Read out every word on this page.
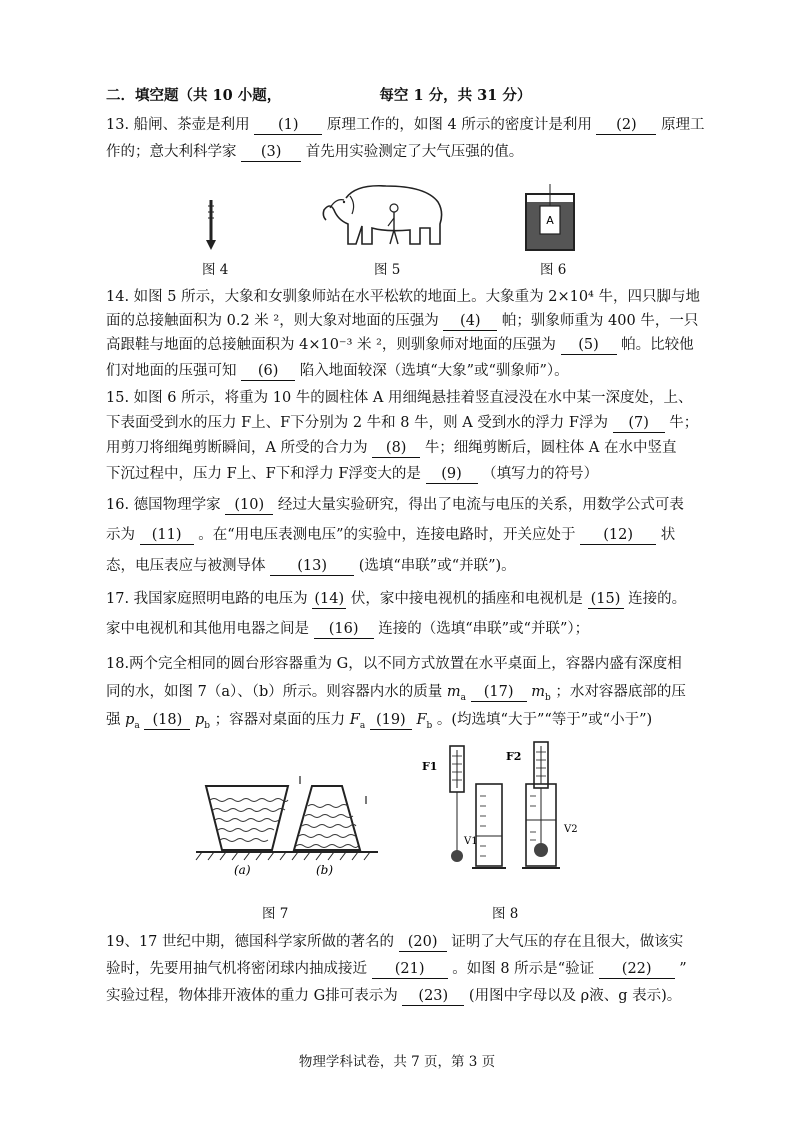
二．填空题（共 10 小题，	每空 1 分，共 31 分）
13. 船闸、茶壶是利用 (1) 原理工作的，如图 4 所示的密度计是利用 (2) 原理工
作的；意大利科学家 (3) 首先用实验测定了大气压强的值。
图 4	图 5
A
图 6
14. 如图 5 所示，大象和女驯象师站在水平松软的地面上。大象重为 2×10⁴ 牛，四只脚与地
面的总接触面积为 0.2 米 ²，则大象对地面的压强为 (4) 帕；驯象师重为 400 牛，一只
高跟鞋与地面的总接触面积为 4×10⁻³ 米 ²，则驯象师对地面的压强为 (5) 帕。比较他
们对地面的压强可知 (6) 陷入地面较深（选填“大象”或“驯象师”）。
15. 如图 6 所示，将重为 10 牛的圆柱体 A 用细绳悬挂着竖直浸没在水中某一深度处，上、
下表面受到水的压力 F上、F下分别为 2 牛和 8 牛，则 A 受到水的浮力 F浮为 (7) 牛；
用剪刀将细绳剪断瞬间，A 所受的合力为 (8) 牛；细绳剪断后，圆柱体 A 在水中竖直
下沉过程中，压力 F上、F下和浮力 F浮变大的是 (9) （填写力的符号）
16. 德国物理学家 (10) 经过大量实验研究，得出了电流与电压的关系，用数学公式可表
示为 (11) 。在“用电压表测电压”的实验中，连接电路时，开关应处于 (12) 状
态，电压表应与被测导体 (13) (选填“串联”或“并联”)。
17. 我国家庭照明电路的电压为 (14) 伏，家中接电视机的插座和电视机是 (15) 连接的。
家中电视机和其他用电器之间是 (16) 连接的（选填“串联”或“并联”）；
18.两个完全相同的圆台形容器重为 G，以不同方式放置在水平桌面上，容器内盛有深度相
同的水，如图 7（a）、（b）所示。则容器内水的质量 $m_a$ (17) $m_b$ ；水对容器底部的压
强 $p_a$ (18) $p_b$ ；容器对桌面的压力 $F_a$ (19) $F_b$ 。(均选填“大于”“等于”或“小于”)
(a)	(b)
图 7
F1
V1
F2
V2
图 8
19、17 世纪中期，德国科学家所做的著名的 (20) 证明了大气压的存在且很大，做该实
验时，先要用抽气机将密闭球内抽成接近 (21) 。如图 8 所示是“验证 (22) ”
实验过程，物体排开液体的重力 G排可表示为 (23) (用图中字母以及 ρ液、g 表示)。
物理学科试卷，共 7 页，第 3 页
